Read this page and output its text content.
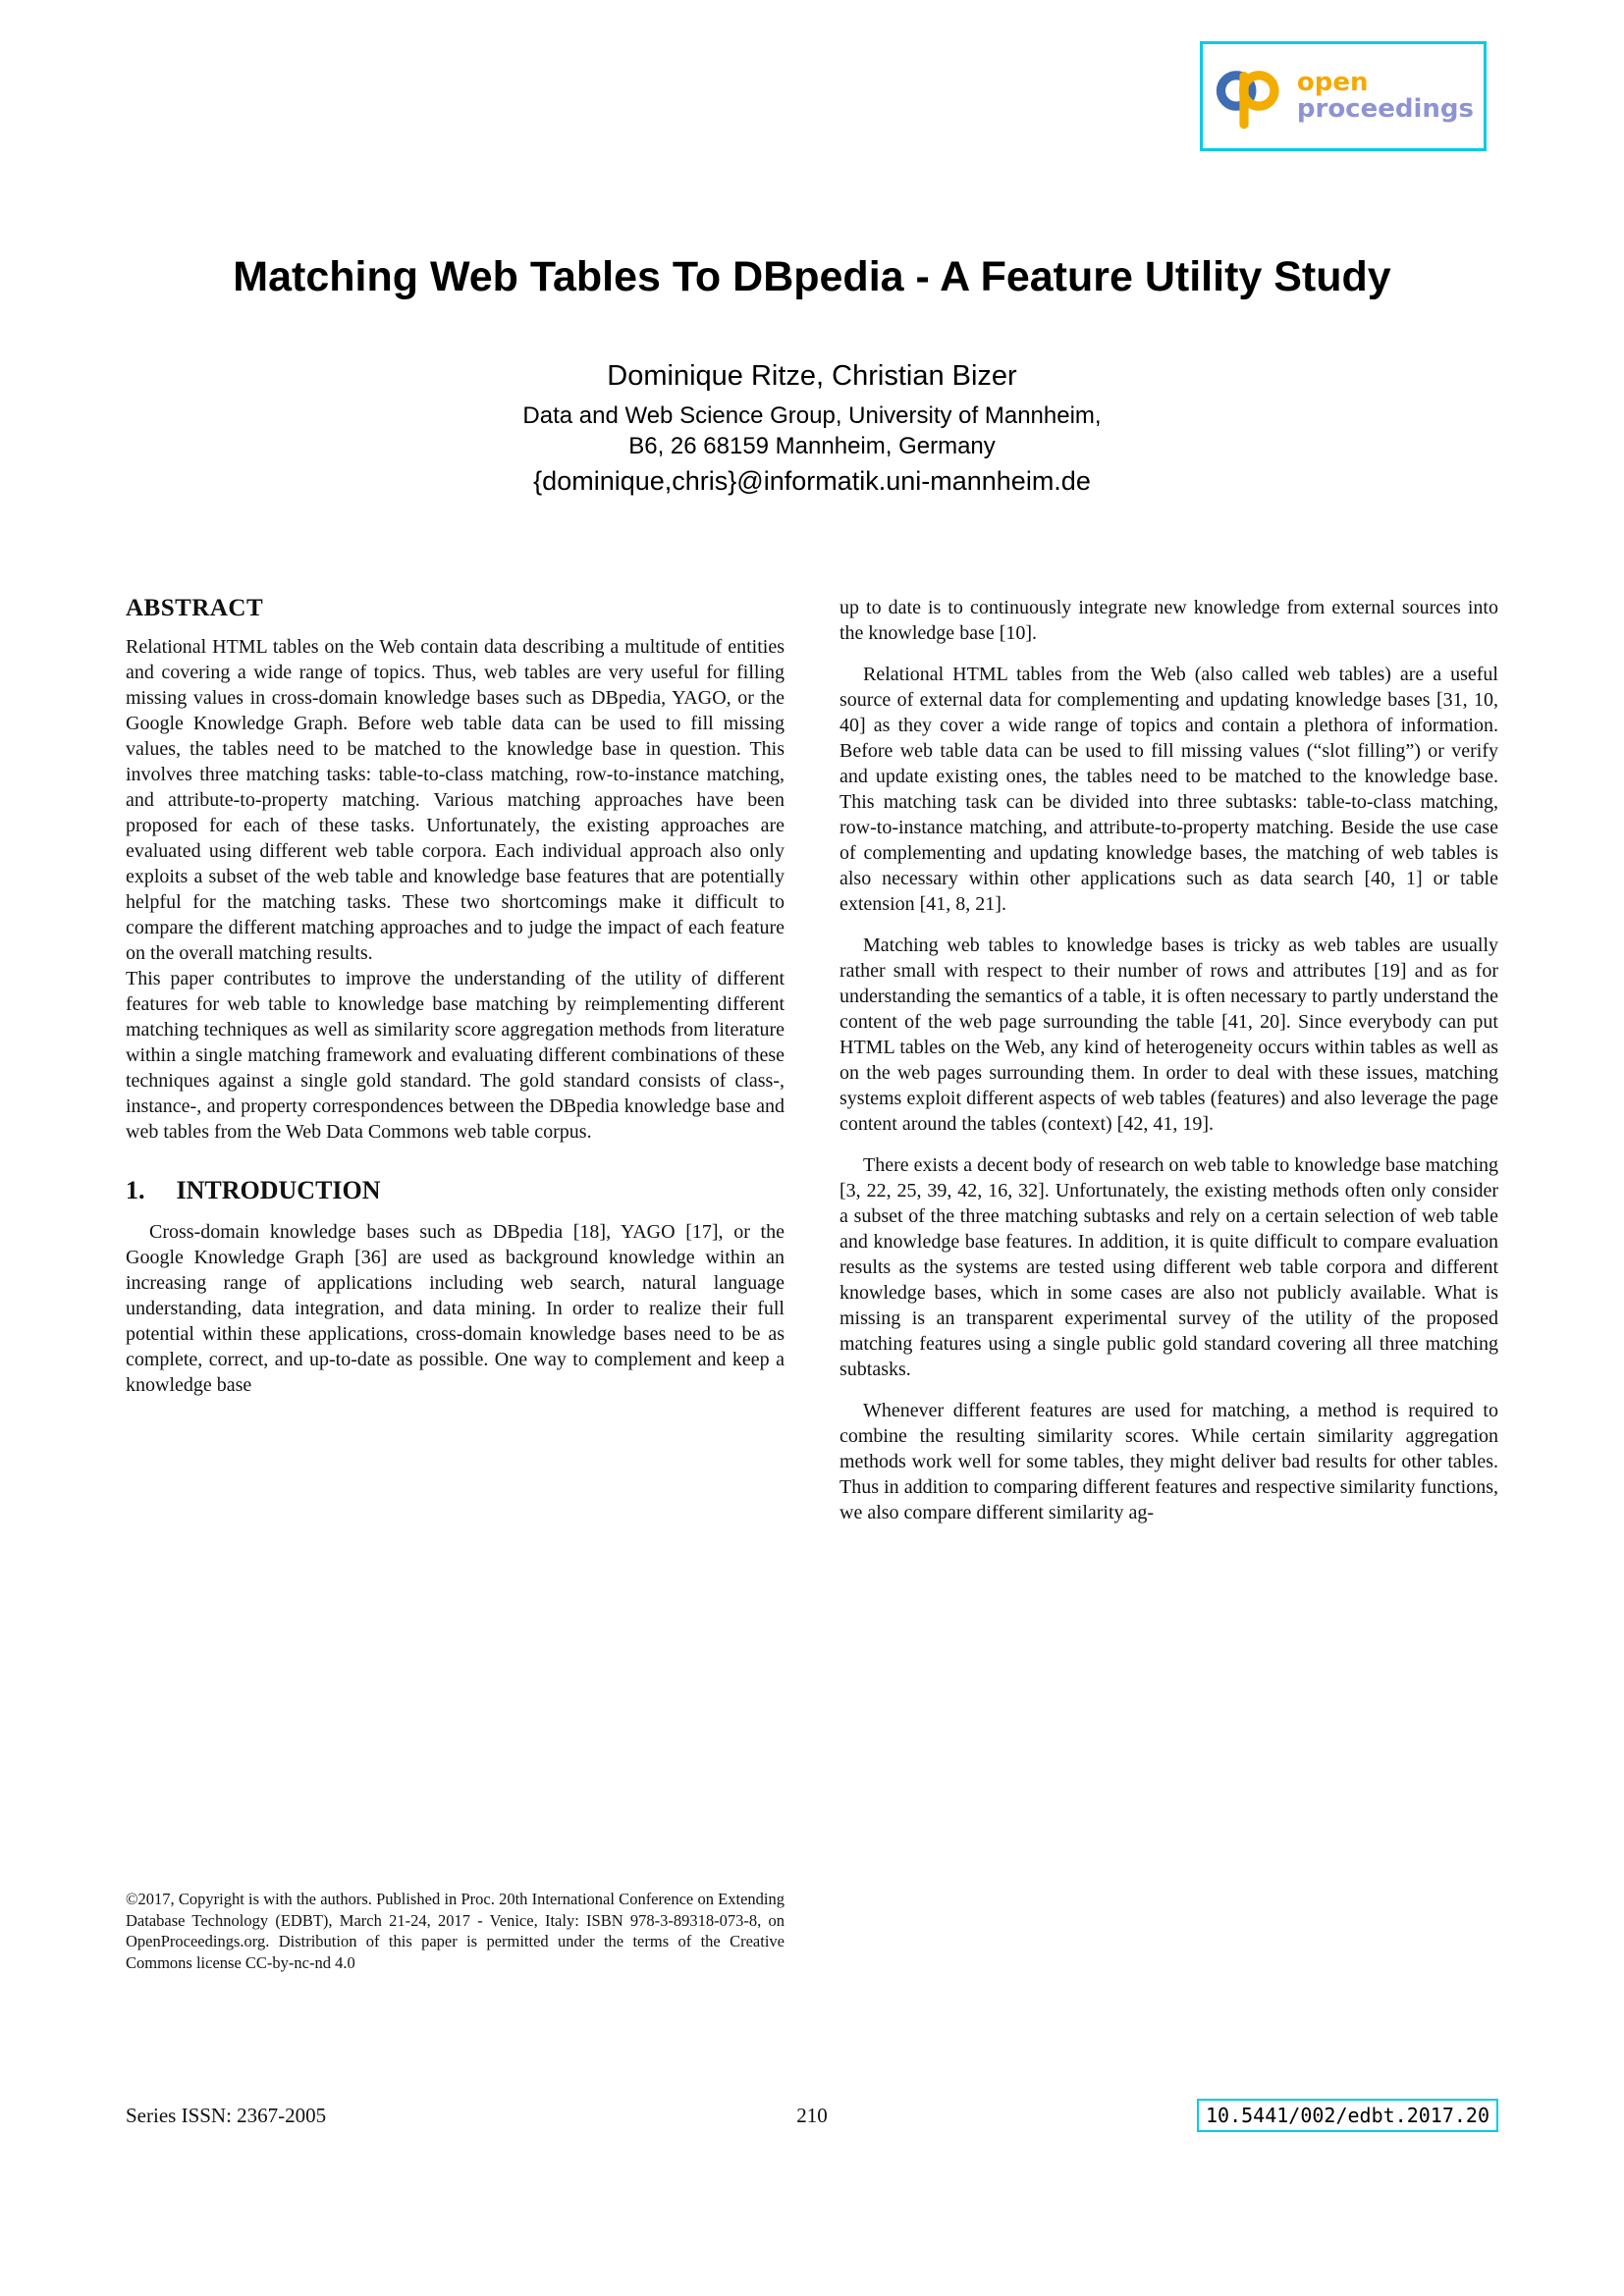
open
proceedings
Matching Web Tables To DBpedia - A Feature Utility Study
Dominique Ritze, Christian Bizer
Data and Web Science Group, University of Mannheim,
B6, 26 68159 Mannheim, Germany
{dominique,chris}@informatik.uni-mannheim.de
ABSTRACT

Relational HTML tables on the Web contain data describing a multitude of entities and covering a wide range of topics. Thus, web tables are very useful for filling missing values in cross-domain knowledge bases such as DBpedia, YAGO, or the Google Knowledge Graph. Before web table data can be used to fill missing values, the tables need to be matched to the knowledge base in question. This involves three matching tasks: table-to-class matching, row-to-instance matching, and attribute-to-property matching. Various matching approaches have been proposed for each of these tasks. Unfortunately, the existing approaches are evaluated using different web table corpora. Each individual approach also only exploits a subset of the web table and knowledge base features that are potentially helpful for the matching tasks. These two shortcomings make it difficult to compare the different matching approaches and to judge the impact of each feature on the overall matching results.

This paper contributes to improve the understanding of the utility of different features for web table to knowledge base matching by reimplementing different matching techniques as well as similarity score aggregation methods from literature within a single matching framework and evaluating different combinations of these techniques against a single gold standard. The gold standard consists of class-, instance-, and property correspondences between the DBpedia knowledge base and web tables from the Web Data Commons web table corpus.

1. INTRODUCTION

Cross-domain knowledge bases such as DBpedia [18], YAGO [17], or the Google Knowledge Graph [36] are used as background knowledge within an increasing range of applications including web search, natural language understanding, data integration, and data mining. In order to realize their full potential within these applications, cross-domain knowledge bases need to be as complete, correct, and up-to-date as possible. One way to complement and keep a knowledge base

©2017, Copyright is with the authors. Published in Proc. 20th International Conference on Extending Database Technology (EDBT), March 21-24, 2017 - Venice, Italy: ISBN 978-3-89318-073-8, on OpenProceedings.org. Distribution of this paper is permitted under the terms of the Creative Commons license CC-by-nc-nd 4.0

up to date is to continuously integrate new knowledge from external sources into the knowledge base [10].

Relational HTML tables from the Web (also called web tables) are a useful source of external data for complementing and updating knowledge bases [31, 10, 40] as they cover a wide range of topics and contain a plethora of information. Before web table data can be used to fill missing values (“slot filling”) or verify and update existing ones, the tables need to be matched to the knowledge base. This matching task can be divided into three subtasks: table-to-class matching, row-to-instance matching, and attribute-to-property matching. Beside the use case of complementing and updating knowledge bases, the matching of web tables is also necessary within other applications such as data search [40, 1] or table extension [41, 8, 21].

Matching web tables to knowledge bases is tricky as web tables are usually rather small with respect to their number of rows and attributes [19] and as for understanding the semantics of a table, it is often necessary to partly understand the content of the web page surrounding the table [41, 20]. Since everybody can put HTML tables on the Web, any kind of heterogeneity occurs within tables as well as on the web pages surrounding them. In order to deal with these issues, matching systems exploit different aspects of web tables (features) and also leverage the page content around the tables (context) [42, 41, 19].

There exists a decent body of research on web table to knowledge base matching [3, 22, 25, 39, 42, 16, 32]. Unfortunately, the existing methods often only consider a subset of the three matching subtasks and rely on a certain selection of web table and knowledge base features. In addition, it is quite difficult to compare evaluation results as the systems are tested using different web table corpora and different knowledge bases, which in some cases are also not publicly available. What is missing is an transparent experimental survey of the utility of the proposed matching features using a single public gold standard covering all three matching subtasks.

Whenever different features are used for matching, a method is required to combine the resulting similarity scores. While certain similarity aggregation methods work well for some tables, they might deliver bad results for other tables. Thus in addition to comparing different features and respective similarity functions, we also compare different similarity ag-

Series ISSN: 2367-2005	210	10.5441/002/edbt.2017.20
